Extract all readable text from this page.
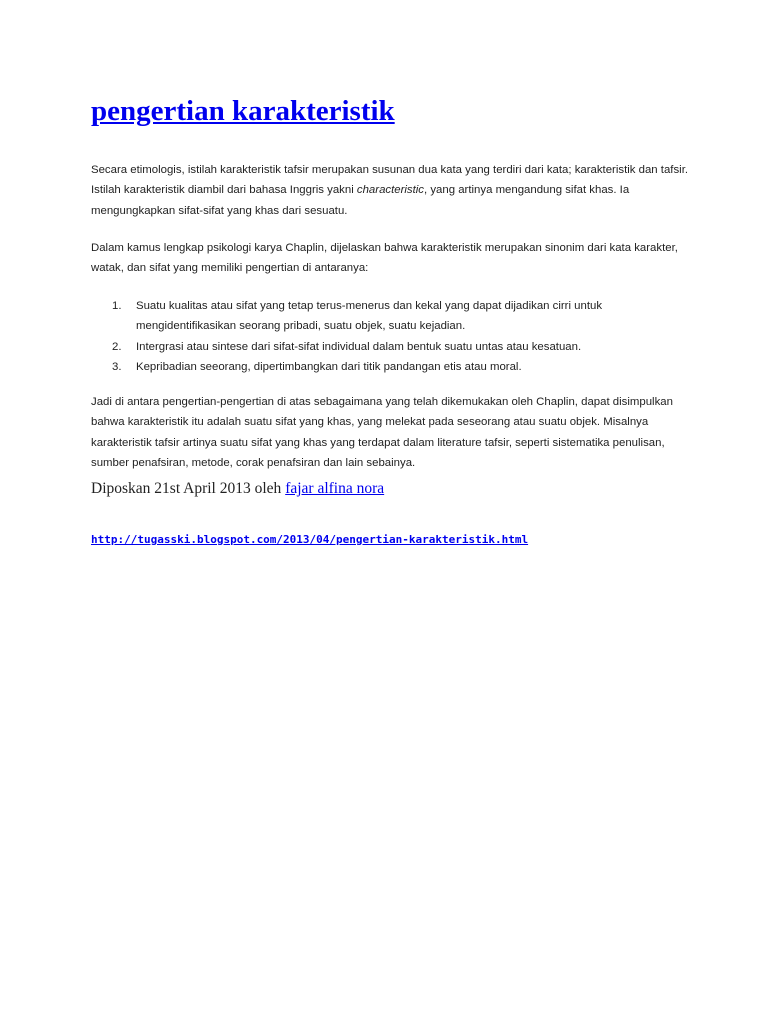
pengertian karakteristik

Secara etimologis, istilah karakteristik tafsir merupakan susunan dua kata yang terdiri dari kata; karakteristik dan tafsir. Istilah karakteristik diambil dari bahasa Inggris yakni characteristic, yang artinya mengandung sifat khas. Ia mengungkapkan sifat-sifat yang khas dari sesuatu.

Dalam kamus lengkap psikologi karya Chaplin, dijelaskan bahwa karakteristik merupakan sinonim dari kata karakter, watak, dan sifat yang memiliki pengertian di antaranya:

1. Suatu kualitas atau sifat yang tetap terus-menerus dan kekal yang dapat dijadikan cirri untuk mengidentifikasikan seorang pribadi, suatu objek, suatu kejadian.
2. Intergrasi atau sintese dari sifat-sifat individual dalam bentuk suatu untas atau kesatuan.
3. Kepribadian seeorang, dipertimbangkan dari titik pandangan etis atau moral.

Jadi di antara pengertian-pengertian di atas sebagaimana yang telah dikemukakan oleh Chaplin, dapat disimpulkan bahwa karakteristik itu adalah suatu sifat yang khas, yang melekat pada seseorang atau suatu objek. Misalnya karakteristik tafsir artinya suatu sifat yang khas yang terdapat dalam literature tafsir, seperti sistematika penulisan, sumber penafsiran, metode, corak penafsiran dan lain sebainya.

Diposkan 21st April 2013 oleh fajar alfina nora

http://tugasski.blogspot.com/2013/04/pengertian-karakteristik.html
